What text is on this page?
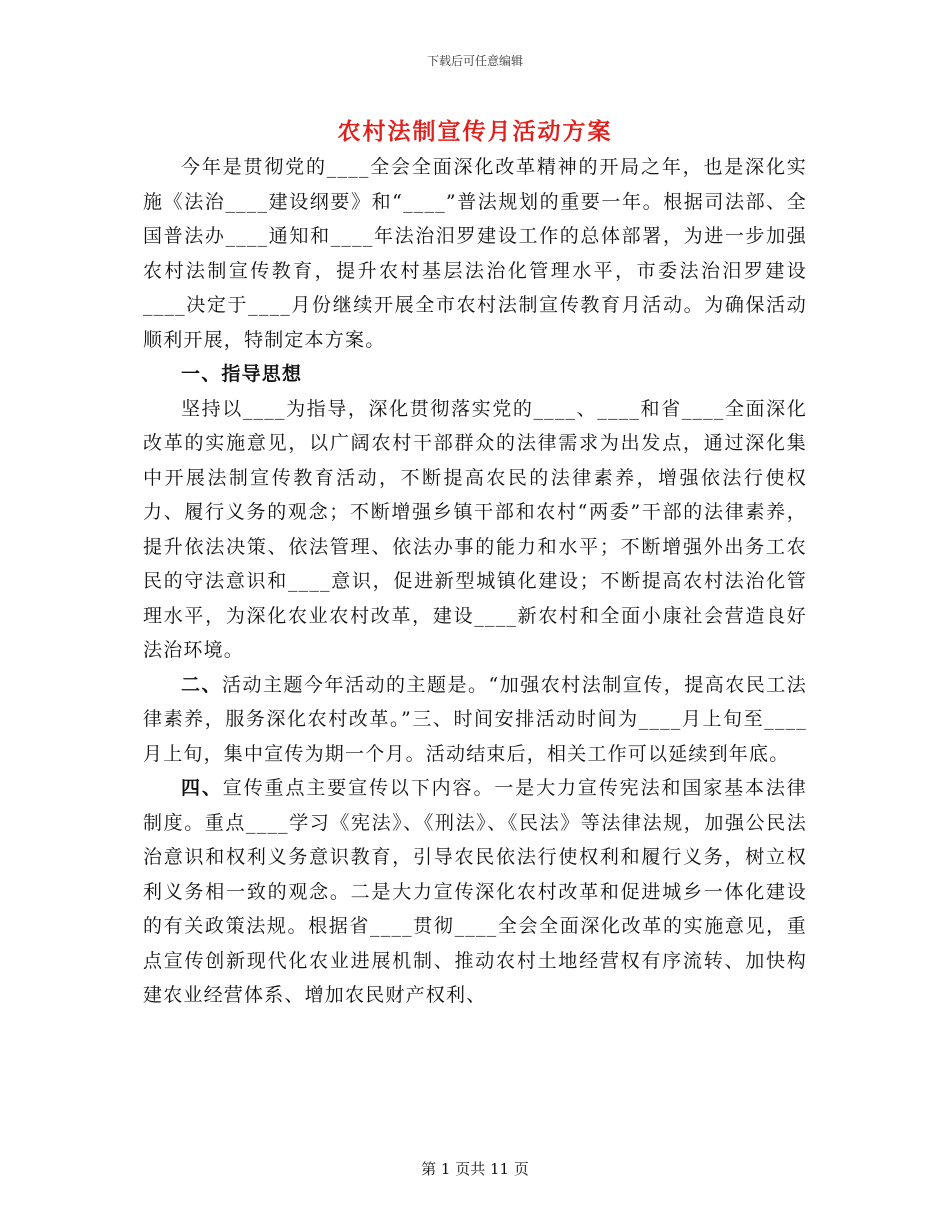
下载后可任意编辑
农村法制宣传月活动方案

今年是贯彻党的____全会全面深化改革精神的开局之年，也是深化实施《法治____建设纲要》和“____”普法规划的重要一年。根据司法部、全国普法办____通知和____年法治汨罗建设工作的总体部署，为进一步加强农村法制宣传教育，提升农村基层法治化管理水平，市委法治汨罗建设____决定于____月份继续开展全市农村法制宣传教育月活动。为确保活动顺利开展，特制定本方案。

一、指导思想

坚持以____为指导，深化贯彻落实党的____、____和省____全面深化改革的实施意见，以广阔农村干部群众的法律需求为出发点，通过深化集中开展法制宣传教育活动，不断提高农民的法律素养，增强依法行使权力、履行义务的观念；不断增强乡镇干部和农村“两委”干部的法律素养，提升依法决策、依法管理、依法办事的能力和水平；不断增强外出务工农民的守法意识和____意识，促进新型城镇化建设；不断提高农村法治化管理水平，为深化农业农村改革，建设____新农村和全面小康社会营造良好法治环境。

二、活动主题今年活动的主题是。“加强农村法制宣传，提高农民工法律素养，服务深化农村改革。”三、时间安排活动时间为____月上旬至____月上旬，集中宣传为期一个月。活动结束后，相关工作可以延续到年底。

四、宣传重点主要宣传以下内容。一是大力宣传宪法和国家基本法律制度。重点____学习《宪法》、《刑法》、《民法》等法律法规，加强公民法治意识和权利义务意识教育，引导农民依法行使权利和履行义务，树立权利义务相一致的观念。二是大力宣传深化农村改革和促进城乡一体化建设的有关政策法规。根据省____贯彻____全会全面深化改革的实施意见，重点宣传创新现代化农业进展机制、推动农村土地经营权有序流转、加快构建农业经营体系、增加农民财产权利、

第 1 页共 11 页
